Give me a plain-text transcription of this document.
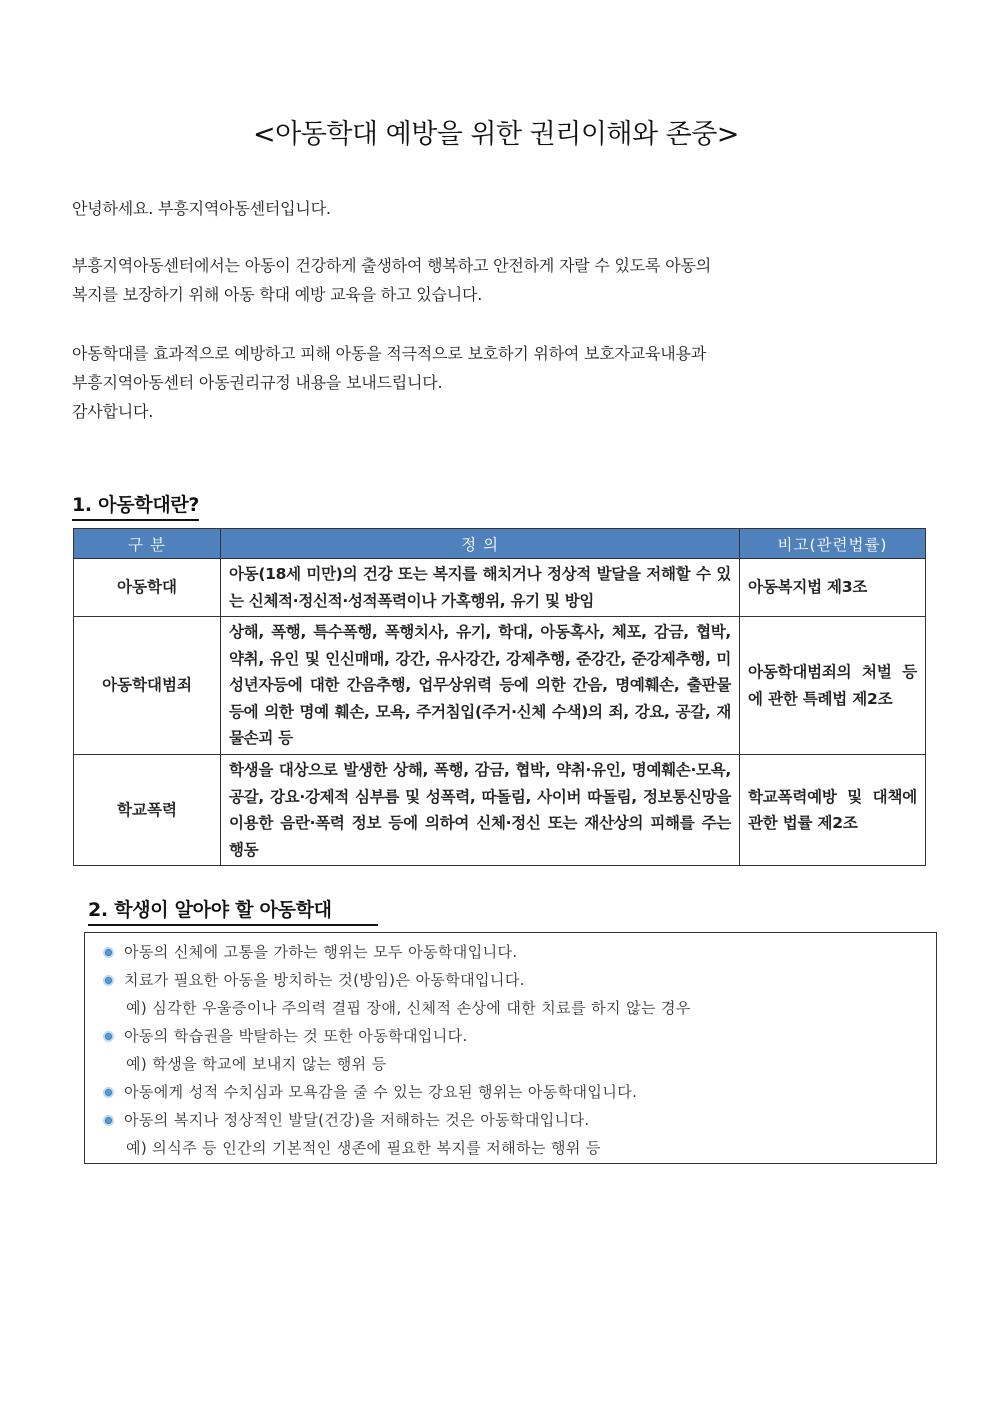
<아동학대 예방을 위한 권리이해와 존중>
안녕하세요. 부흥지역아동센터입니다.
부흥지역아동센터에서는 아동이 건강하게 출생하여 행복하고 안전하게 자랄 수 있도록 아동의
복지를 보장하기 위해 아동 학대 예방 교육을 하고 있습니다.
아동학대를 효과적으로 예방하고 피해 아동을 적극적으로 보호하기 위하여 보호자교육내용과
부흥지역아동센터 아동권리규정 내용을 보내드립니다.
감사합니다.
1. 아동학대란?
구 분	정 의	비고(관련법률)
아동학대	아동(18세 미만)의 건강 또는 복지를 해치거나 정상적 발달을 저해할 수 있는 신체적·정신적·성적폭력이나 가혹행위, 유기 및 방임	아동복지법 제3조
아동학대범죄	상해, 폭행, 특수폭행, 폭행치사, 유기, 학대, 아동혹사, 체포, 감금, 협박, 약취, 유인 및 인신매매, 강간, 유사강간, 강제추행, 준강간, 준강제추행, 미성년자등에 대한 간음추행, 업무상위력 등에 의한 간음, 명예훼손, 출판물 등에 의한 명예 훼손, 모욕, 주거침입(주거·신체 수색)의 죄, 강요, 공갈, 재물손괴 등	아동학대범죄의 처벌 등에 관한 특례법 제2조
학교폭력	학생을 대상으로 발생한 상해, 폭행, 감금, 협박, 약취·유인, 명예훼손·모욕, 공갈, 강요·강제적 심부름 및 성폭력, 따돌림, 사이버 따돌림, 정보통신망을 이용한 음란·폭력 정보 등에 의하여 신체·정신 또는 재산상의 피해를 주는 행동	학교폭력예방 및 대책에 관한 법률 제2조
2. 학생이 알아야 할 아동학대
아동의 신체에 고통을 가하는 행위는 모두 아동학대입니다.
치료가 필요한 아동을 방치하는 것(방임)은 아동학대입니다.
예) 심각한 우울증이나 주의력 결핍 장애, 신체적 손상에 대한 치료를 하지 않는 경우
아동의 학습권을 박탈하는 것 또한 아동학대입니다.
예) 학생을 학교에 보내지 않는 행위 등
아동에게 성적 수치심과 모욕감을 줄 수 있는 강요된 행위는 아동학대입니다.
아동의 복지나 정상적인 발달(건강)을 저해하는 것은 아동학대입니다.
예) 의식주 등 인간의 기본적인 생존에 필요한 복지를 저해하는 행위 등
